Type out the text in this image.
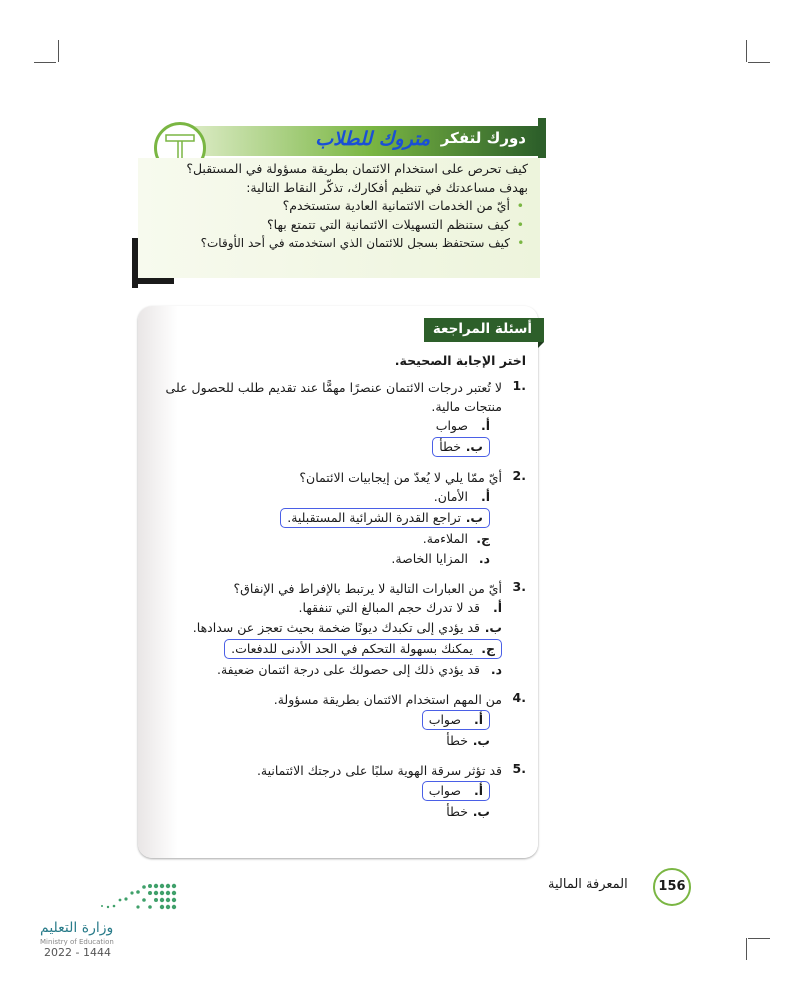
دورك لتفكر
متروك للطلاب

كيف تحرص على استخدام الائتمان بطريقة مسؤولة في المستقبل؟

بهدف مساعدتك في تنظيم أفكارك، تذكّر النقاط التالية:

• أيّ من الخدمات الائتمانية العادية ستستخدم؟
• كيف ستنظم التسهيلات الائتمانية التي تتمتع بها؟
• كيف ستحتفظ بسجل للائتمان الذي استخدمته في أحد الأوقات؟
أسئلة المراجعة

اختر الإجابة الصحيحة.

.1
لا تُعتبر درجات الائتمان عنصرًا مهمًّا عند تقديم طلب للحصول على منتجات مالية.
أ.صواب
ب.خطأ
.2
أيّ ممّا يلي لا يُعدّ من إيجابيات الائتمان؟
أ.الأمان.
ب.تراجع القدرة الشرائية المستقبلية.
ج.الملاءمة.
د.المزايا الخاصة.
.3
أيّ من العبارات التالية لا يرتبط بالإفراط في الإنفاق؟
أ.قد لا تدرك حجم المبالغ التي تنفقها.
ب.قد يؤدي إلى تكبدك ديونًا ضخمة بحيث تعجز عن سدادها.
ج.يمكنك بسهولة التحكم في الحد الأدنى للدفعات.
د.قد يؤدي ذلك إلى حصولك على درجة ائتمان ضعيفة.
.4
من المهم استخدام الائتمان بطريقة مسؤولة.
أ.صواب
ب.خطأ
.5
قد تؤثر سرقة الهوية سلبًا على درجتك الائتمانية.
أ.صواب
ب.خطأ
المعرفة المالية	156
وزارة التعليم
Ministry of Education
2022 - 1444
